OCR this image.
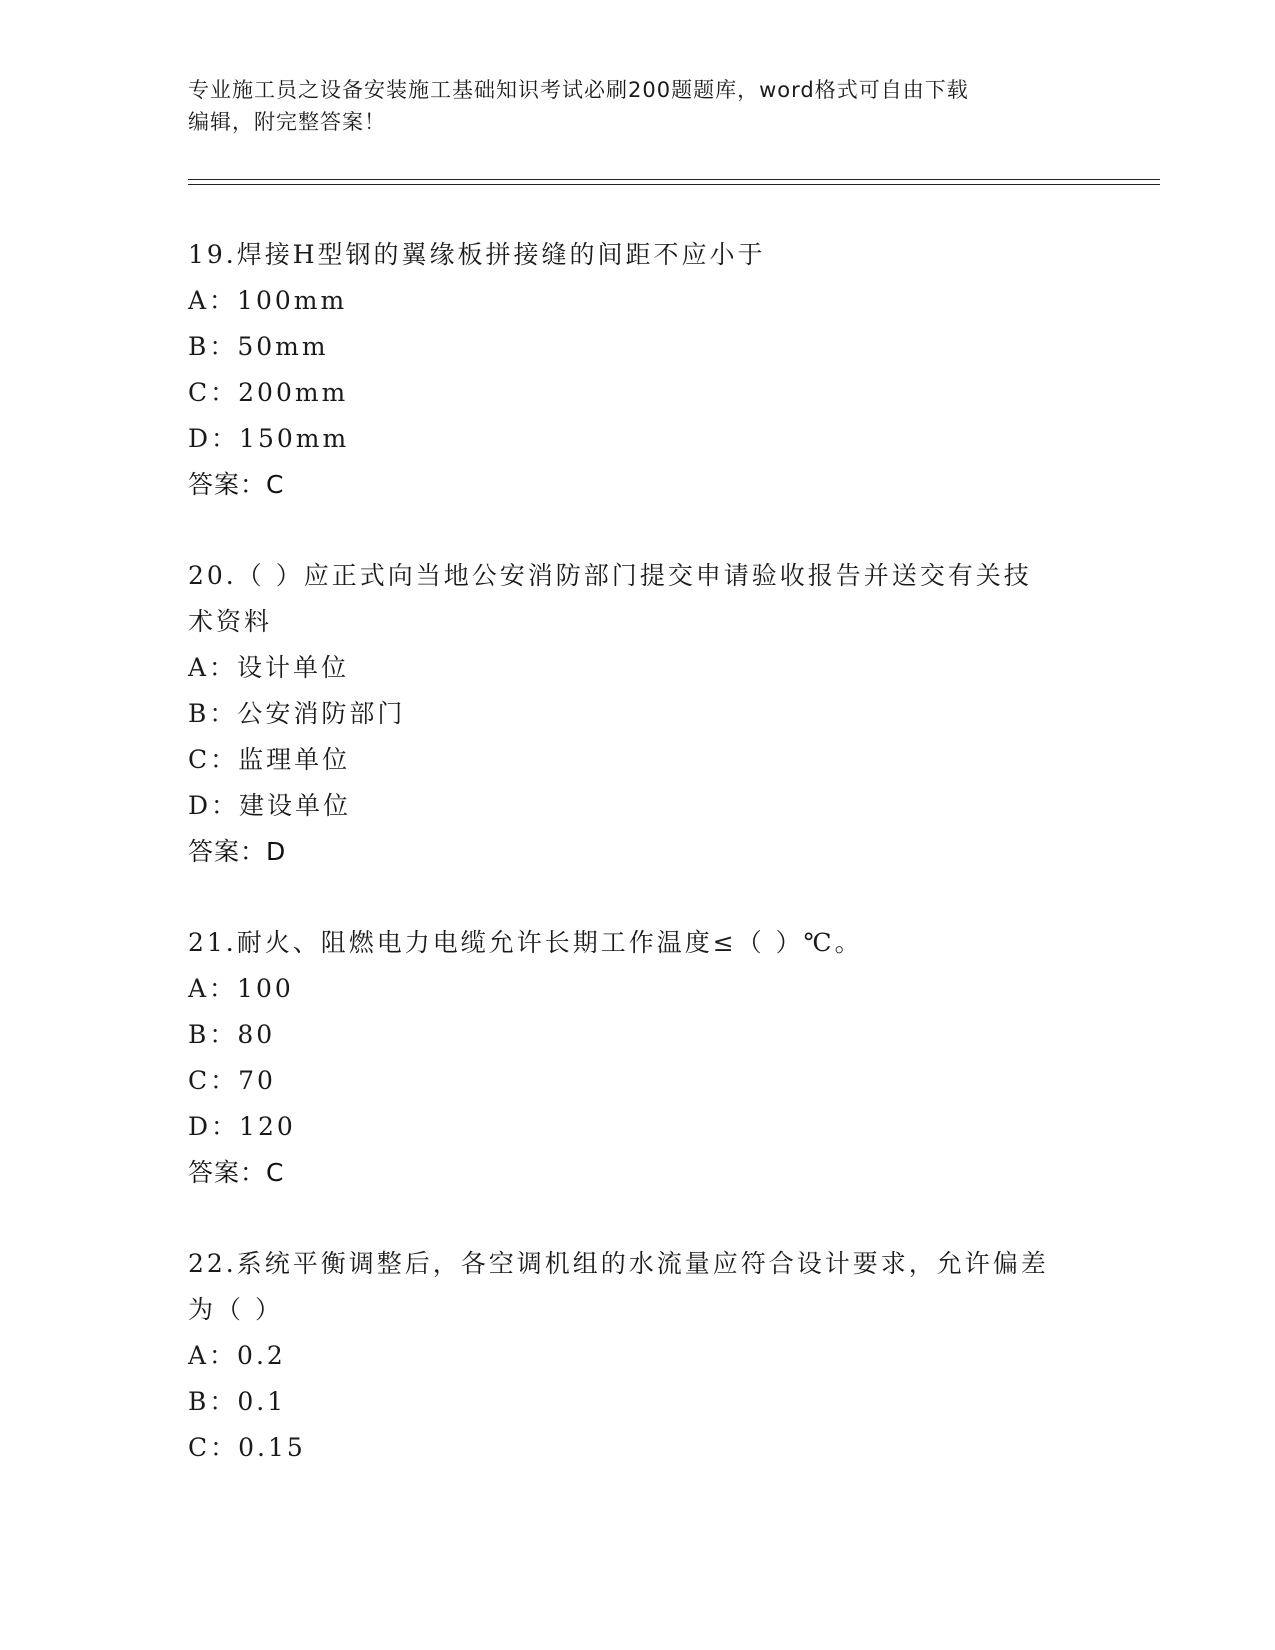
专业施工员之设备安装施工基础知识考试必刷200题题库，word格式可自由下载
编辑，附完整答案！
19.焊接H型钢的翼缘板拼接缝的间距不应小于
A：100mm
B：50mm
C：200mm
D：150mm
答案：C
20.（ ）应正式向当地公安消防部门提交申请验收报告并送交有关技
术资料
A：设计单位
B：公安消防部门
C：监理单位
D：建设单位
答案：D
21.耐火、阻燃电力电缆允许长期工作温度≤（ ）℃。
A：100
B：80
C：70
D：120
答案：C
22.系统平衡调整后，各空调机组的水流量应符合设计要求，允许偏差
为（ ）
A：0.2
B：0.1
C：0.15
